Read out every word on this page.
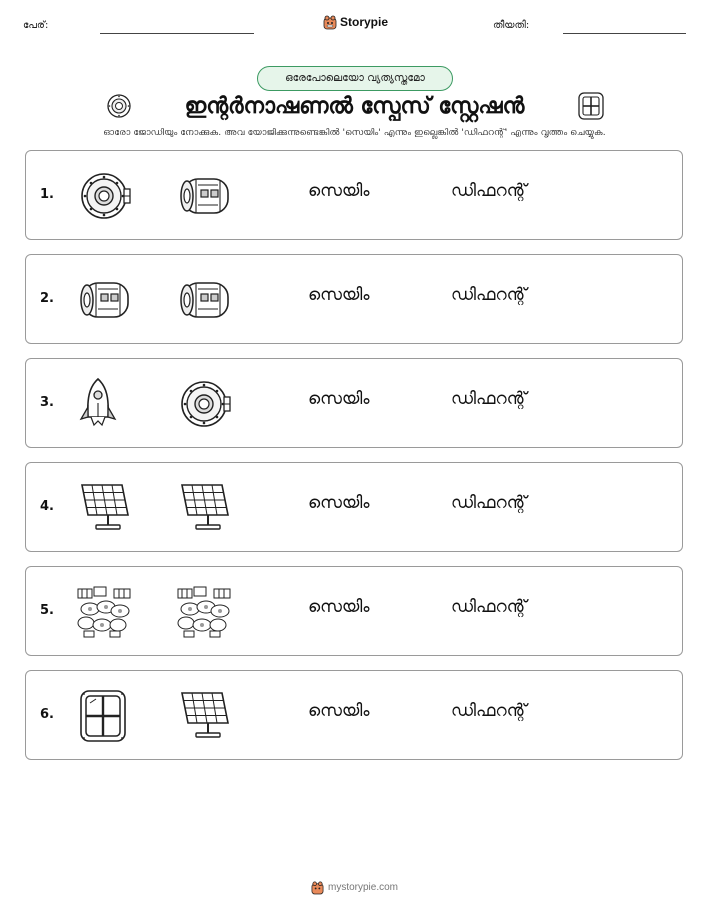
പേര്:	Storypie	തീയതി:
ഒരേപോലെയോ വ്യത്യസ്തമോ
ഇന്റർനാഷണൽ സ്പേസ് സ്റ്റേഷൻ
ഓരോ ജോഡിയും നോക്കുക. അവ യോജിക്കുന്നുണ്ടെങ്കിൽ 'സെയിം' എന്നും ഇല്ലെങ്കിൽ 'ഡിഫറന്റ്' എന്നും വൃത്തം ചെയ്യുക.
1.	സെയിം	ഡിഫറന്റ്
2.	സെയിം	ഡിഫറന്റ്
3.	സെയിം	ഡിഫറന്റ്
4.	സെയിം	ഡിഫറന്റ്
5.	സെയിം	ഡിഫറന്റ്
6.	സെയിം	ഡിഫറന്റ്
mystorypie.com
